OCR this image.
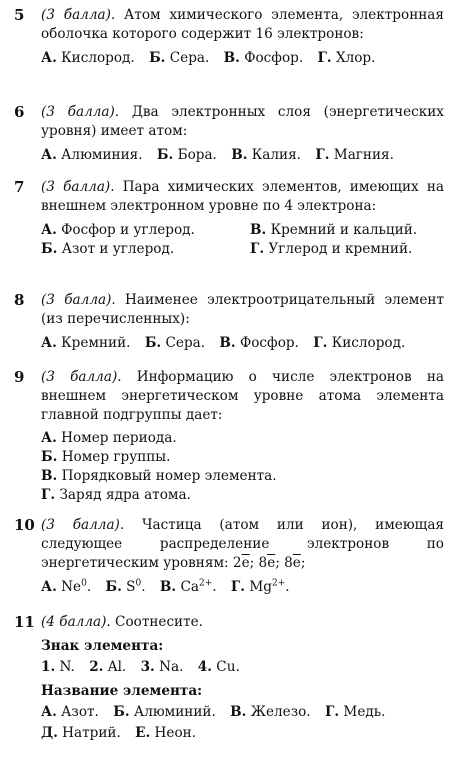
5 (3 балла). Атом химического элемента, электронная оболочка которого содержит 16 электронов:
А. Кислород. Б. Сера. В. Фосфор. Г. Хлор.
6 (3 балла). Два электронных слоя (энергетических уровня) имеет атом:
А. Алюминия. Б. Бора. В. Калия. Г. Магния.
7 (3 балла). Пара химических элементов, имеющих на внешнем электронном уровне по 4 электрона:
А. Фосфор и углерод.	В. Кремний и кальций.
Б. Азот и углерод.	Г. Углерод и кремний.
8 (3 балла). Наименее электроотрицательный элемент (из перечисленных):
А. Кремний. Б. Сера. В. Фосфор. Г. Кислород.
9 (3 балла). Информацию о числе электронов на внешнем энергетическом уровне атома элемента главной подгруппы дает:
А. Номер периода.
Б. Номер группы.
В. Порядковый номер элемента.
Г. Заряд ядра атома.
10 (3 балла). Частица (атом или ион), имеющая следующее распределение электронов по энергетическим уровням: $2\overline{e}$; $8\overline{e}$; $8\overline{e}$;
А. Ne$^0$. Б. $S^0$. В. $Ca^{2+}$. Г. $Mg^{2+}$.
11 (4 балла). Соотнесите.
Знак элемента:
1. N. 2. Al. 3. Na. 4. Cu.
Название элемента:
А. Азот. Б. Алюминий. В. Железо. Г. Медь.
Д. Натрий. Е. Неон.
